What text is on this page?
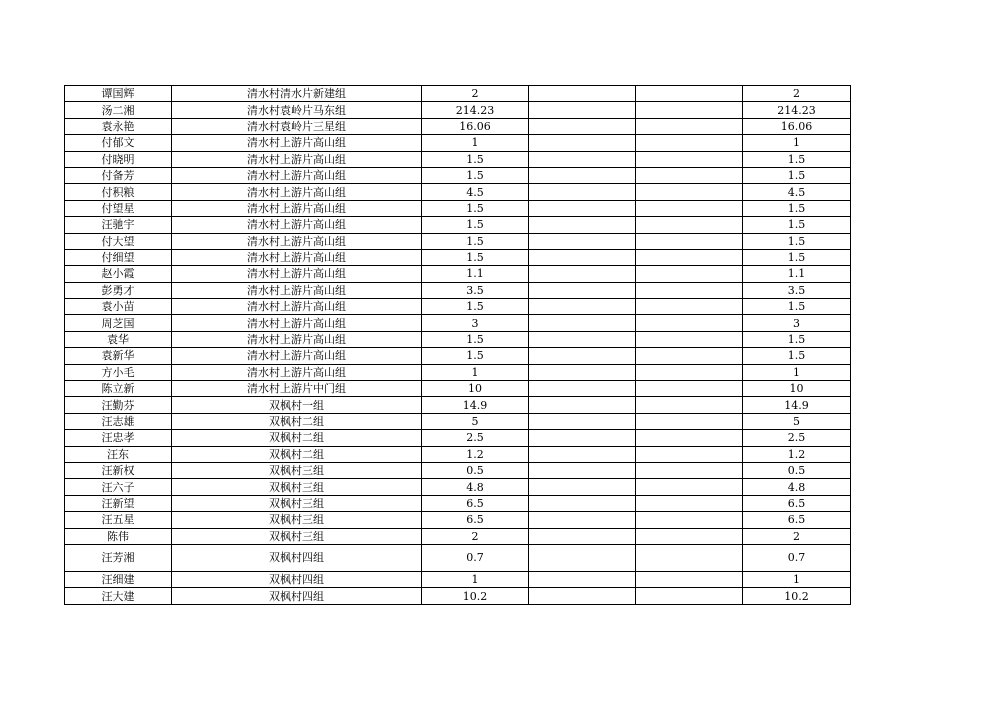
谭国辉	清水村清水片新建组	2			2
汤二湘	清水村袁岭片马东组	214.23			214.23
袁永艳	清水村袁岭片三星组	16.06			16.06
付郁文	清水村上游片高山组	1			1
付晓明	清水村上游片高山组	1.5			1.5
付备芳	清水村上游片高山组	1.5			1.5
付积粮	清水村上游片高山组	4.5			4.5
付望星	清水村上游片高山组	1.5			1.5
汪驰宇	清水村上游片高山组	1.5			1.5
付大望	清水村上游片高山组	1.5			1.5
付细望	清水村上游片高山组	1.5			1.5
赵小霞	清水村上游片高山组	1.1			1.1
彭勇才	清水村上游片高山组	3.5			3.5
袁小苗	清水村上游片高山组	1.5			1.5
周芝国	清水村上游片高山组	3			3
袁华	清水村上游片高山组	1.5			1.5
袁新华	清水村上游片高山组	1.5			1.5
方小毛	清水村上游片高山组	1			1
陈立新	清水村上游片中门组	10			10
汪勤芬	双枫村一组	14.9			14.9
汪志雄	双枫村二组	5			5
汪忠孝	双枫村二组	2.5			2.5
汪东	双枫村二组	1.2			1.2
汪新权	双枫村三组	0.5			0.5
汪六子	双枫村三组	4.8			4.8
汪新望	双枫村三组	6.5			6.5
汪五星	双枫村三组	6.5			6.5
陈伟	双枫村三组	2			2
汪芳湘	双枫村四组	0.7			0.7
汪细建	双枫村四组	1			1
汪大建	双枫村四组	10.2			10.2
